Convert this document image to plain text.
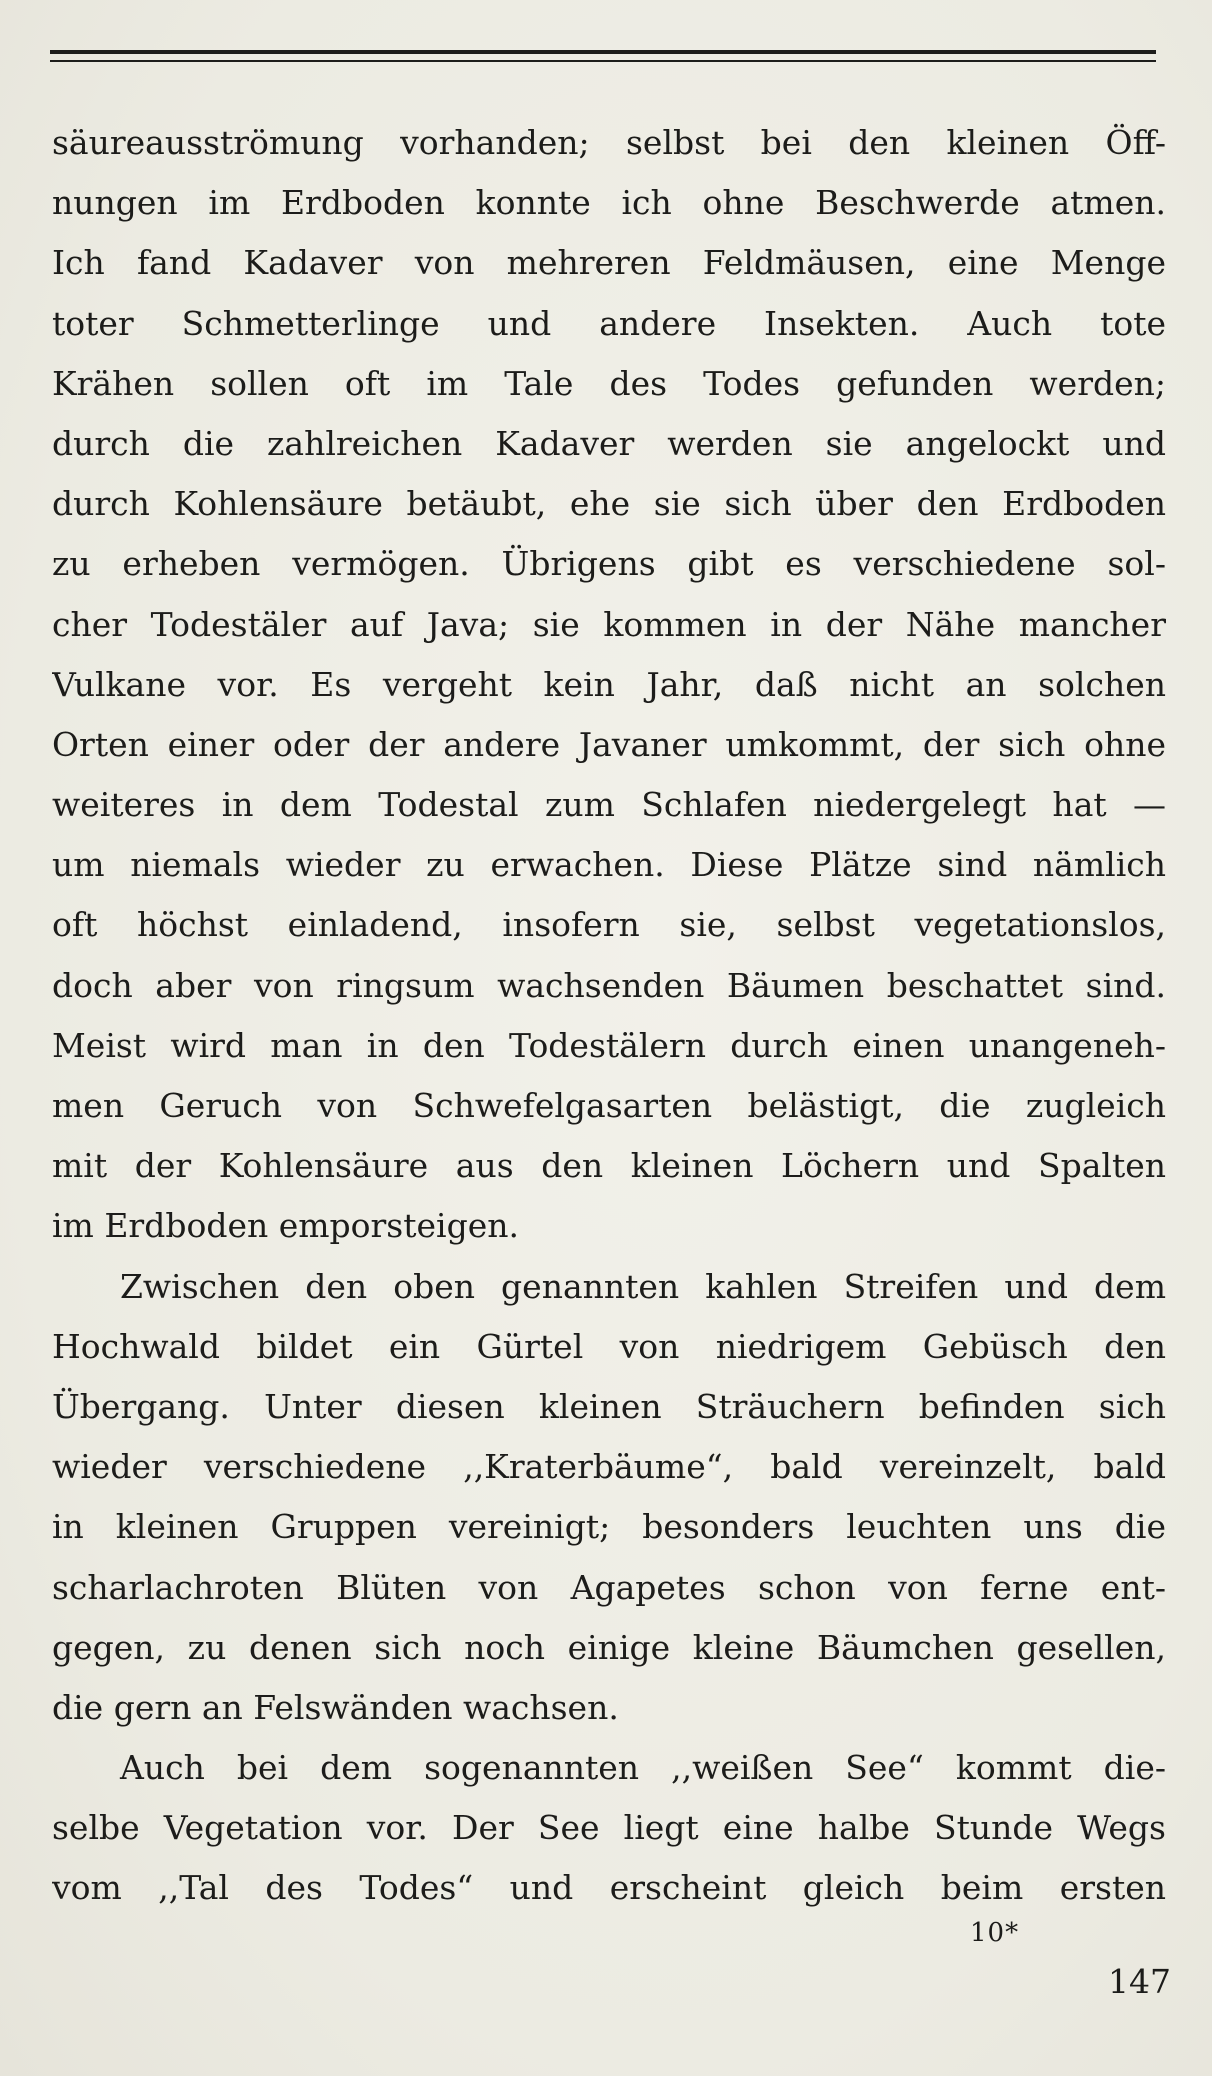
säureausströmung vorhanden; selbst bei den kleinen Öff-
nungen im Erdboden konnte ich ohne Beschwerde atmen.
Ich fand Kadaver von mehreren Feldmäusen, eine Menge
toter Schmetterlinge und andere Insekten. Auch tote
Krähen sollen oft im Tale des Todes gefunden werden;
durch die zahlreichen Kadaver werden sie angelockt und
durch Kohlensäure betäubt, ehe sie sich über den Erdboden
zu erheben vermögen. Übrigens gibt es verschiedene sol-
cher Todestäler auf Java; sie kommen in der Nähe mancher
Vulkane vor. Es vergeht kein Jahr, daß nicht an solchen
Orten einer oder der andere Javaner umkommt, der sich ohne
weiteres in dem Todestal zum Schlafen niedergelegt hat —
um niemals wieder zu erwachen. Diese Plätze sind nämlich
oft höchst einladend, insofern sie, selbst vegetationslos,
doch aber von ringsum wachsenden Bäumen beschattet sind.
Meist wird man in den Todestälern durch einen unangeneh-
men Geruch von Schwefelgasarten belästigt, die zugleich
mit der Kohlensäure aus den kleinen Löchern und Spalten
im Erdboden emporsteigen.
Zwischen den oben genannten kahlen Streifen und dem
Hochwald bildet ein Gürtel von niedrigem Gebüsch den
Übergang. Unter diesen kleinen Sträuchern befinden sich
wieder verschiedene ,,Kraterbäume“, bald vereinzelt, bald
in kleinen Gruppen vereinigt; besonders leuchten uns die
scharlachroten Blüten von Agapetes schon von ferne ent-
gegen, zu denen sich noch einige kleine Bäumchen gesellen,
die gern an Felswänden wachsen.
Auch bei dem sogenannten ,,weißen See“ kommt die-
selbe Vegetation vor. Der See liegt eine halbe Stunde Wegs
vom ,,Tal des Todes“ und erscheint gleich beim ersten
10*
147
